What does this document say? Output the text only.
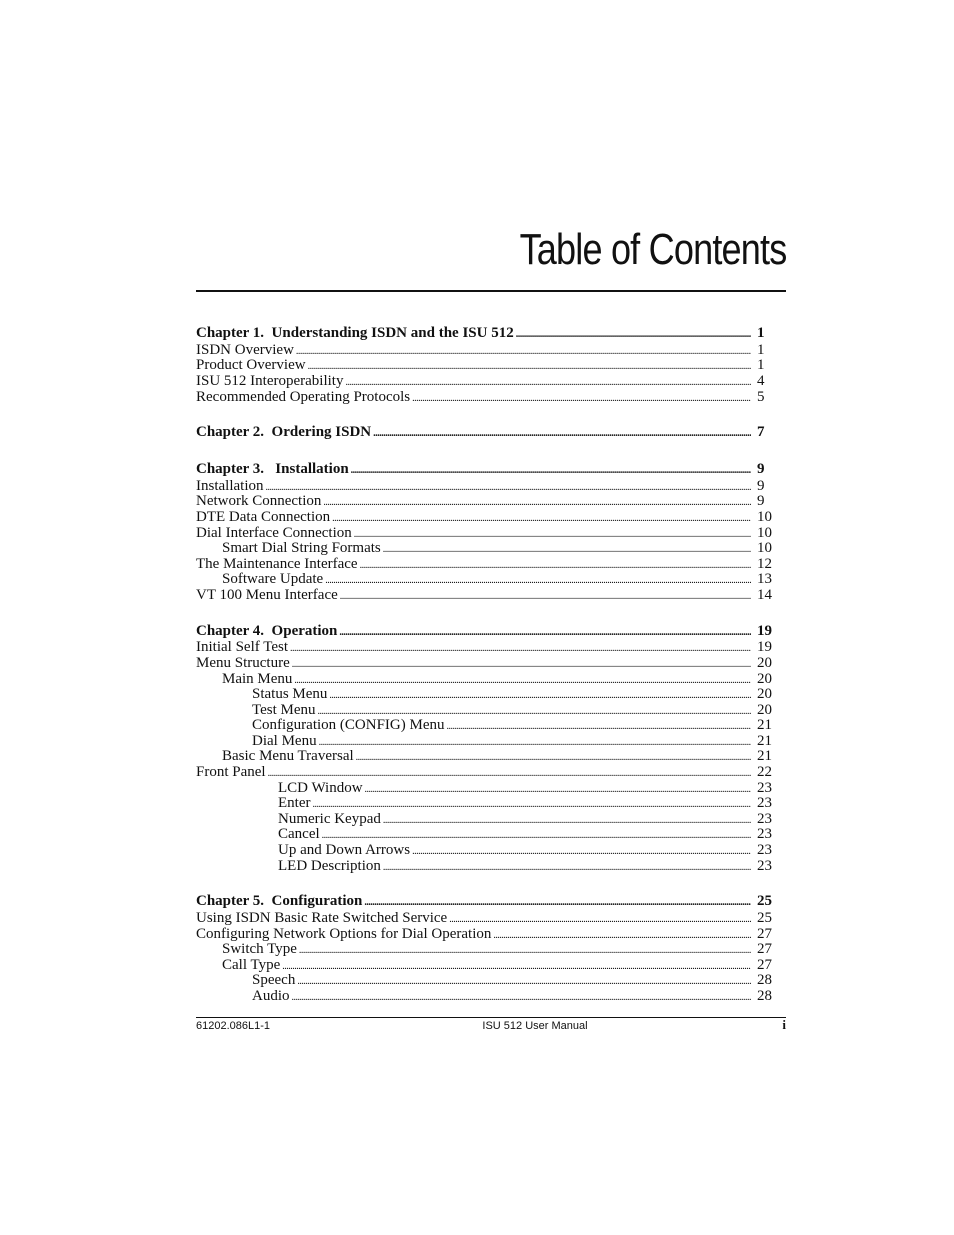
Table of Contents
Chapter 1.  Understanding ISDN and the ISU 512 . . .	1
ISDN Overview . . .	1
Product Overview . . .	1
ISU 512 Interoperability . . .	4
Recommended Operating Protocols . . .	5
Chapter 2.  Ordering ISDN . . .	7
Chapter 3.   Installation . . .	9
Installation . . .	9
Network Connection . . .	9
DTE Data Connection . . .	10
Dial Interface Connection . . .	10
Smart Dial String Formats . . .	10
The Maintenance Interface . . .	12
Software Update . . .	13
VT 100 Menu Interface . . .	14
Chapter 4.  Operation . . .	19
Initial Self Test . . .	19
Menu Structure . . .	20
Main Menu . . .	20
Status Menu . . .	20
Test Menu . . .	20
Configuration (CONFIG) Menu . . .	21
Dial Menu . . .	21
Basic Menu Traversal . . .	21
Front Panel . . .	22
LCD Window . . .	23
Enter . . .	23
Numeric Keypad . . .	23
Cancel . . .	23
Up and Down Arrows . . .	23
LED Description . . .	23
Chapter 5.  Configuration . . .	25
Using ISDN Basic Rate Switched Service . . .	25
Configuring Network Options for Dial Operation . . .	27
Switch Type . . .	27
Call Type . . .	27
Speech . . .	28
Audio . . .	28
61202.086L1-1	ISU 512 User Manual	i
